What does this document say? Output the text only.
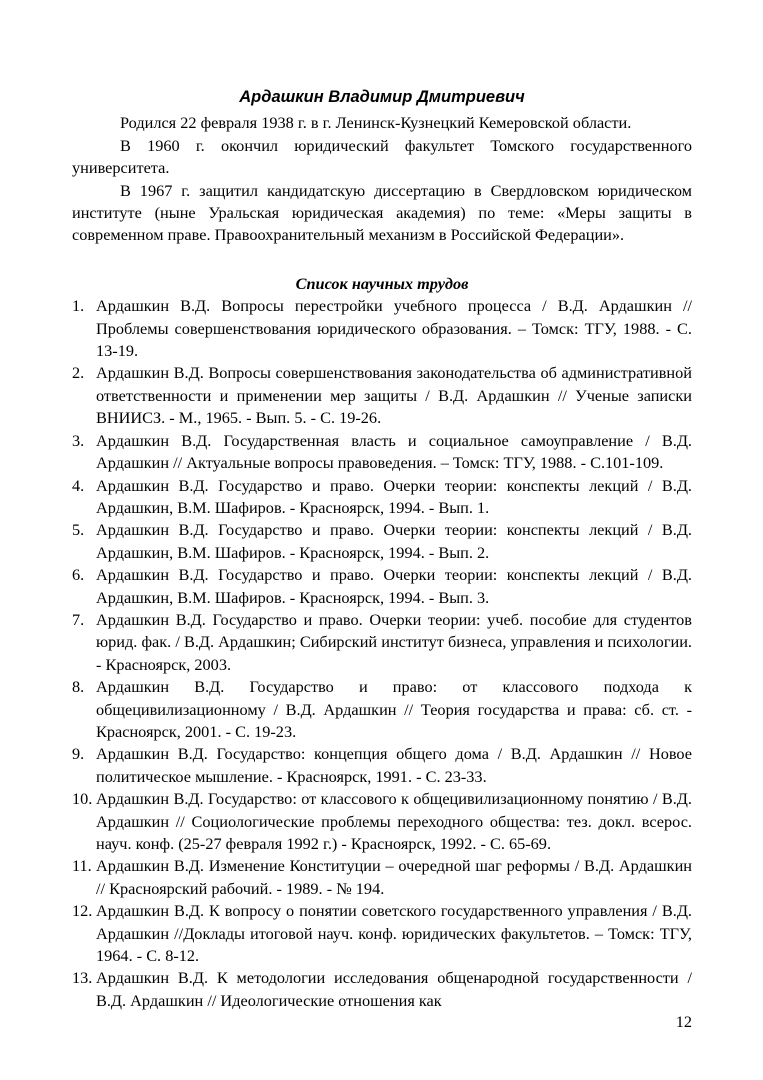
Ардашкин Владимир Дмитриевич

Родился 22 февраля 1938 г. в г. Ленинск-Кузнецкий Кемеровской области.

В 1960 г. окончил юридический факультет Томского государственного университета.

В 1967 г. защитил кандидатскую диссертацию в Свердловском юридическом институте (ныне Уральская юридическая академия) по теме: «Меры защиты в современном праве. Правоохранительный механизм в Российской Федерации».

Список научных трудов
1. Ардашкин В.Д. Вопросы перестройки учебного процесса / В.Д. Ардашкин // Проблемы совершенствования юридического образования. – Томск: ТГУ, 1988. - С. 13-19.
2. Ардашкин В.Д. Вопросы совершенствования законодательства об административной ответственности и применении мер защиты / В.Д. Ардашкин // Ученые записки ВНИИСЗ. - М., 1965. - Вып. 5. - С. 19-26.
3. Ардашкин В.Д. Государственная власть и социальное самоуправление / В.Д. Ардашкин // Актуальные вопросы правоведения. – Томск: ТГУ, 1988. - С.101-109.
4. Ардашкин В.Д. Государство и право. Очерки теории: конспекты лекций / В.Д. Ардашкин, В.М. Шафиров. - Красноярск, 1994. - Вып. 1.
5. Ардашкин В.Д. Государство и право. Очерки теории: конспекты лекций / В.Д. Ардашкин, В.М. Шафиров. - Красноярск, 1994. - Вып. 2.
6. Ардашкин В.Д. Государство и право. Очерки теории: конспекты лекций / В.Д. Ардашкин, В.М. Шафиров. - Красноярск, 1994. - Вып. 3.
7. Ардашкин В.Д. Государство и право. Очерки теории: учеб. пособие для студентов юрид. фак. / В.Д. Ардашкин; Сибирский институт бизнеса, управления и психологии. - Красноярск, 2003.
8. Ардашкин В.Д. Государство и право: от классового подхода к общецивилизационному / В.Д. Ардашкин // Теория государства и права: сб. ст. - Красноярск, 2001. - С. 19-23.
9. Ардашкин В.Д. Государство: концепция общего дома / В.Д. Ардашкин // Новое политическое мышление. - Красноярск, 1991. - С. 23-33.
10. Ардашкин В.Д. Государство: от классового к общецивилизационному понятию / В.Д. Ардашкин // Социологические проблемы переходного общества: тез. докл. всерос. науч. конф. (25-27 февраля 1992 г.) - Красноярск, 1992. - С. 65-69.
11. Ардашкин В.Д. Изменение Конституции – очередной шаг реформы / В.Д. Ардашкин // Красноярский рабочий. - 1989. - № 194.
12. Ардашкин В.Д. К вопросу о понятии советского государственного управления / В.Д. Ардашкин //Доклады итоговой науч. конф. юридических факультетов. – Томск: ТГУ, 1964. - С. 8-12.
13. Ардашкин В.Д. К методологии исследования общенародной государственности / В.Д. Ардашкин // Идеологические отношения как
12
